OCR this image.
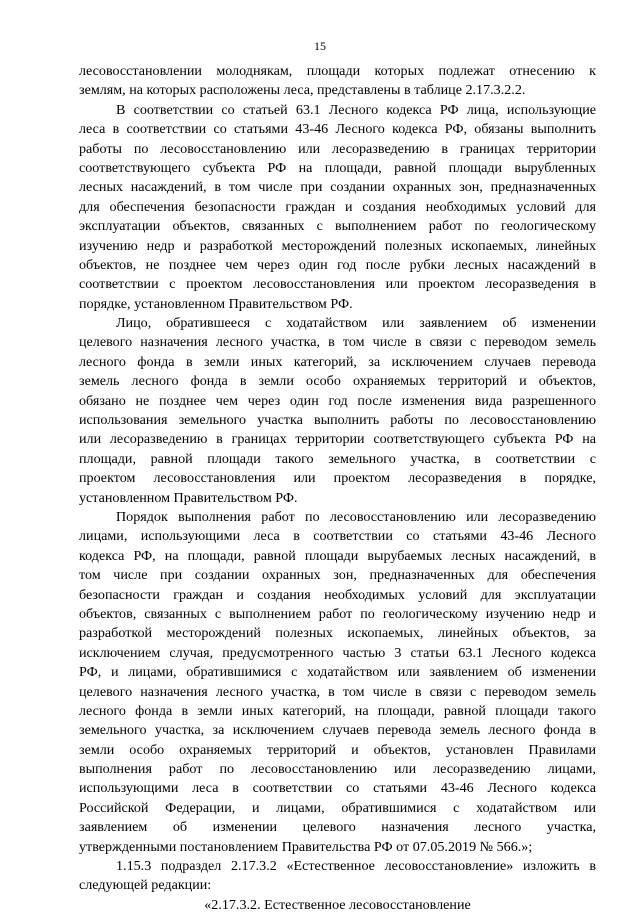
15

лесовосстановлении молоднякам, площади которых подлежат отнесению к
землям, на которых расположены леса, представлены в таблице 2.17.3.2.2.

В соответствии со статьей 63.1 Лесного кодекса РФ лица, использующие
леса в соответствии со статьями 43-46 Лесного кодекса РФ, обязаны выполнить
работы по лесовосстановлению или лесоразведению в границах территории
соответствующего субъекта РФ на площади, равной площади вырубленных
лесных насаждений, в том числе при создании охранных зон, предназначенных
для обеспечения безопасности граждан и создания необходимых условий для
эксплуатации объектов, связанных с выполнением работ по геологическому
изучению недр и разработкой месторождений полезных ископаемых, линейных
объектов, не позднее чем через один год после рубки лесных насаждений в
соответствии с проектом лесовосстановления или проектом лесоразведения в
порядке, установленном Правительством РФ.

Лицо, обратившееся с ходатайством или заявлением об изменении
целевого назначения лесного участка, в том числе в связи с переводом земель
лесного фонда в земли иных категорий, за исключением случаев перевода
земель лесного фонда в земли особо охраняемых территорий и объектов,
обязано не позднее чем через один год после изменения вида разрешенного
использования земельного участка выполнить работы по лесовосстановлению
или лесоразведению в границах территории соответствующего субъекта РФ на
площади, равной площади такого земельного участка, в соответствии с
проектом лесовосстановления или проектом лесоразведения в порядке,
установленном Правительством РФ.

Порядок выполнения работ по лесовосстановлению или лесоразведению
лицами, использующими леса в соответствии со статьями 43-46 Лесного
кодекса РФ, на площади, равной площади вырубаемых лесных насаждений, в
том числе при создании охранных зон, предназначенных для обеспечения
безопасности граждан и создания необходимых условий для эксплуатации
объектов, связанных с выполнением работ по геологическому изучению недр и
разработкой месторождений полезных ископаемых, линейных объектов, за
исключением случая, предусмотренного частью 3 статьи 63.1 Лесного кодекса
РФ, и лицами, обратившимися с ходатайством или заявлением об изменении
целевого назначения лесного участка, в том числе в связи с переводом земель
лесного фонда в земли иных категорий, на площади, равной площади такого
земельного участка, за исключением случаев перевода земель лесного фонда в
земли особо охраняемых территорий и объектов, установлен Правилами
выполнения работ по лесовосстановлению или лесоразведению лицами,
использующими леса в соответствии со статьями 43-46 Лесного кодекса
Российской Федерации, и лицами, обратившимися с ходатайством или
заявлением об изменении целевого назначения лесного участка,
утвержденными постановлением Правительства РФ от 07.05.2019 № 566.»;

1.15.3 подраздел 2.17.3.2 «Естественное лесовосстановление» изложить в
следующей редакции:

«2.17.3.2. Естественное лесовосстановление
